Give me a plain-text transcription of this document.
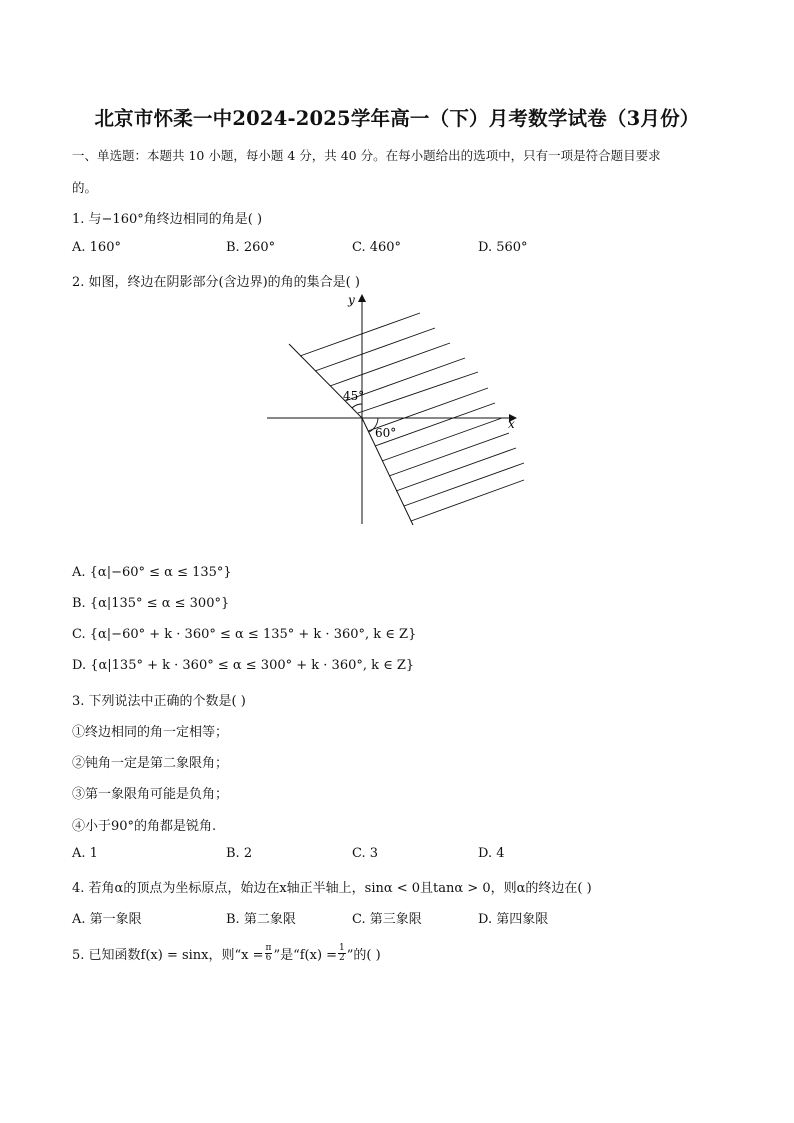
北京市怀柔一中2024-2025学年高一（下）月考数学试卷（3月份）
一、单选题：本题共 10 小题，每小题 4 分，共 40 分。在每小题给出的选项中，只有一项是符合题目要求
的。
1. 与−160°角终边相同的角是( )
A. 160°	B. 260°	C. 460°	D. 560°
2. 如图，终边在阴影部分(含边界)的角的集合是( )
x
y
45°
60°
A. {α|−60° ≤ α ≤ 135°}
B. {α|135° ≤ α ≤ 300°}
C. {α|−60° + k · 360° ≤ α ≤ 135° + k · 360°, k ∈ Z}
D. {α|135° + k · 360° ≤ α ≤ 300° + k · 360°, k ∈ Z}
3. 下列说法中正确的个数是( )
①终边相同的角一定相等；
②钝角一定是第二象限角；
③第一象限角可能是负角；
④小于90°的角都是锐角.
A. 1	B. 2	C. 3	D. 4
4. 若角α的顶点为坐标原点，始边在x轴正半轴上，sinα < 0且tanα > 0，则α的终边在( )
A. 第一象限	B. 第二象限	C. 第三象限	D. 第四象限
5. 已知函数f(x) = sinx，则“$x = \frac{\pi}{6}$ ”是“$f(x) = \frac{1}{2}$ ”的( )
